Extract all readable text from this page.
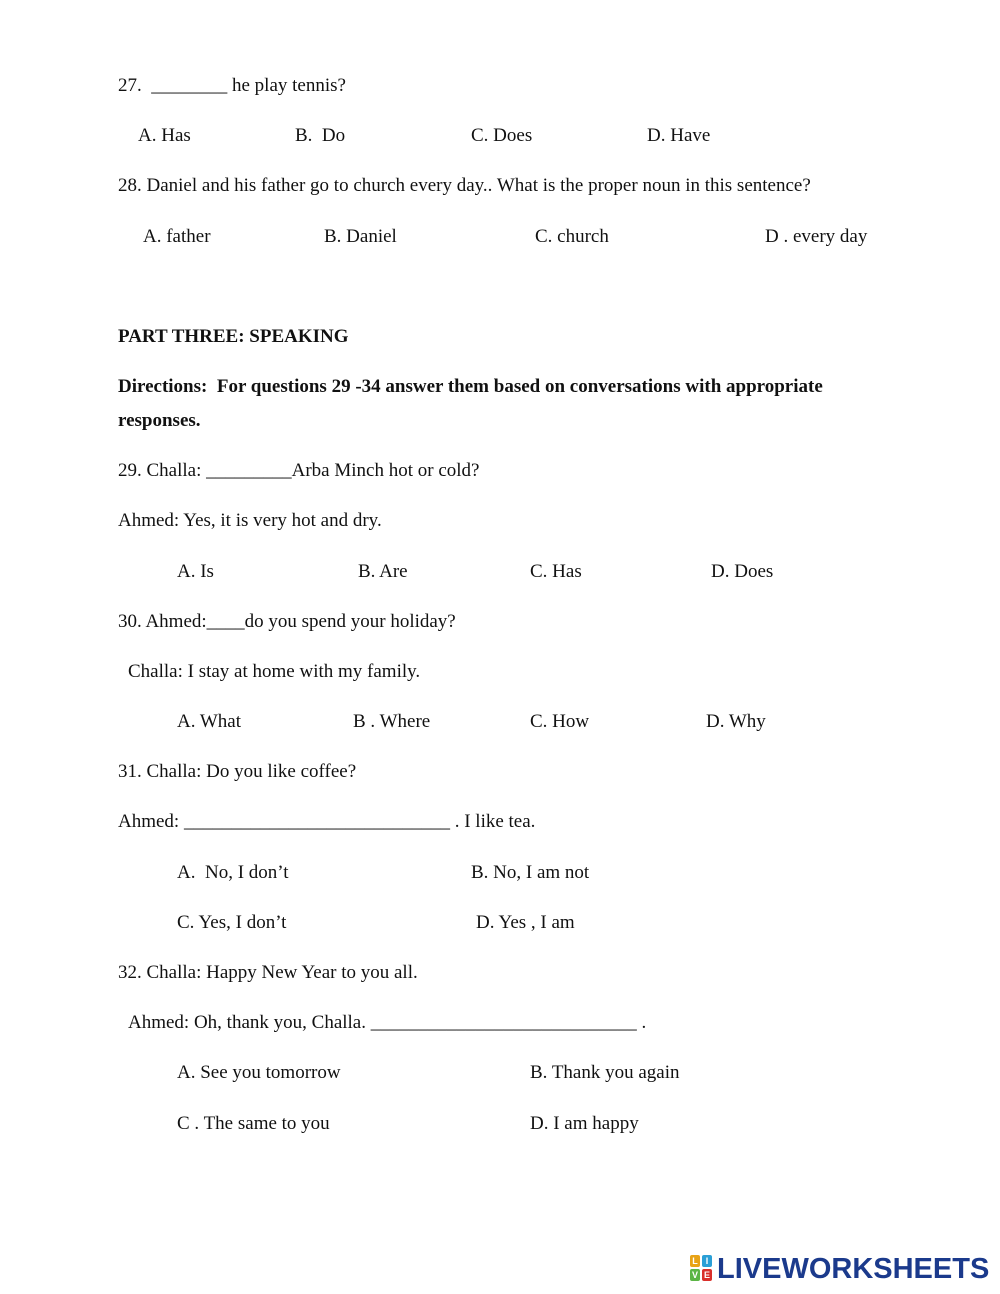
27.  ________ he play tennis?
A. Has	B.  Do	C. Does	D. Have
28. Daniel and his father go to church every day.. What is the proper noun in this sentence?
A. father	B. Daniel	C. church	D . every day
PART THREE: SPEAKING
Directions:  For questions 29 -34 answer them based on conversations with appropriate
responses.
29. Challa: _________Arba Minch hot or cold?
Ahmed: Yes, it is very hot and dry.
A. Is	B. Are	C. Has	D. Does
30. Ahmed:____do you spend your holiday?
Challa: I stay at home with my family.
A. What	B . Where	C. How	D. Why
31. Challa: Do you like coffee?
Ahmed: ____________________________ . I like tea.
A.  No, I don’t	B. No, I am not
C. Yes, I don’t	D. Yes , I am
32. Challa: Happy New Year to you all.
Ahmed: Oh, thank you, Challa. ____________________________ .
A. See you tomorrow	B. Thank you again
C . The same to you	D. I am happy
L I
V E LIVEWORKSHEETS
